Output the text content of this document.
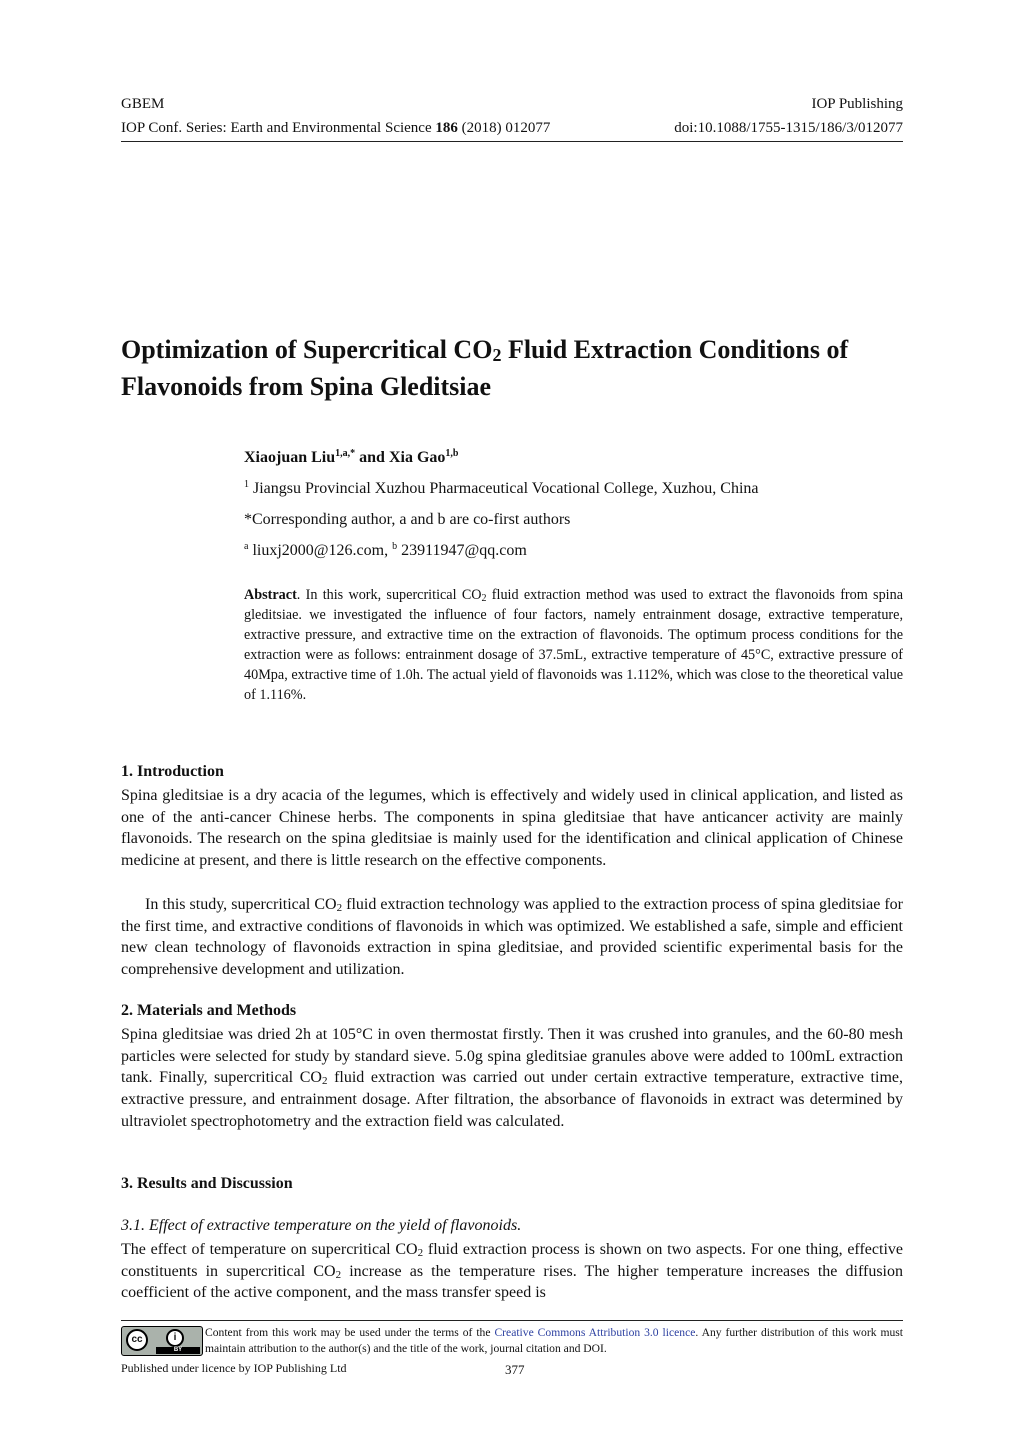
GBEM	IOP Publishing
IOP Conf. Series: Earth and Environmental Science 186 (2018) 012077	doi:10.1088/1755-1315/186/3/012077
Optimization of Supercritical $CO_2$ Fluid Extraction Conditions of Flavonoids from Spina Gleditsiae
Xiaojuan Liu$^{1,a,*}$ and Xia Gao$^{1,b}$
$^1$ Jiangsu Provincial Xuzhou Pharmaceutical Vocational College, Xuzhou, China
*Corresponding author, a and b are co-first authors
$^a$ liuxj2000@126.com, $^b$ 23911947@qq.com

Abstract. In this work, supercritical $CO_2$ fluid extraction method was used to extract the flavonoids from spina gleditsiae. we investigated the influence of four factors, namely entrainment dosage, extractive temperature, extractive pressure, and extractive time on the extraction of flavonoids. The optimum process conditions for the extraction were as follows: entrainment dosage of 37.5mL, extractive temperature of 45°C, extractive pressure of 40Mpa, extractive time of 1.0h. The actual yield of flavonoids was 1.112%, which was close to the theoretical value of 1.116%.

1. Introduction

Spina gleditsiae is a dry acacia of the legumes, which is effectively and widely used in clinical application, and listed as one of the anti-cancer Chinese herbs. The components in spina gleditsiae that have anticancer activity are mainly flavonoids. The research on the spina gleditsiae is mainly used for the identification and clinical application of Chinese medicine at present, and there is little research on the effective components.

In this study, supercritical $CO_2$ fluid extraction technology was applied to the extraction process of spina gleditsiae for the first time, and extractive conditions of flavonoids in which was optimized. We established a safe, simple and efficient new clean technology of flavonoids extraction in spina gleditsiae, and provided scientific experimental basis for the comprehensive development and utilization.

2. Materials and Methods

Spina gleditsiae was dried 2h at 105°C in oven thermostat firstly. Then it was crushed into granules, and the 60-80 mesh particles were selected for study by standard sieve. 5.0g spina gleditsiae granules above were added to 100mL extraction tank. Finally, supercritical $CO_2$ fluid extraction was carried out under certain extractive temperature, extractive time, extractive pressure, and entrainment dosage. After filtration, the absorbance of flavonoids in extract was determined by ultraviolet spectrophotometry and the extraction field was calculated.

3. Results and Discussion

3.1. Effect of extractive temperature on the yield of flavonoids.

The effect of temperature on supercritical $CO_2$ fluid extraction process is shown on two aspects. For one thing, effective constituents in supercritical $CO_2$ increase as the temperature rises. The higher temperature increases the diffusion coefficient of the active component, and the mass transfer speed is

cc	i
BY

Content from this work may be used under the terms of the Creative Commons Attribution 3.0 licence. Any further distribution of this work must maintain attribution to the author(s) and the title of the work, journal citation and DOI.

Published under licence by IOP Publishing Ltd	377
